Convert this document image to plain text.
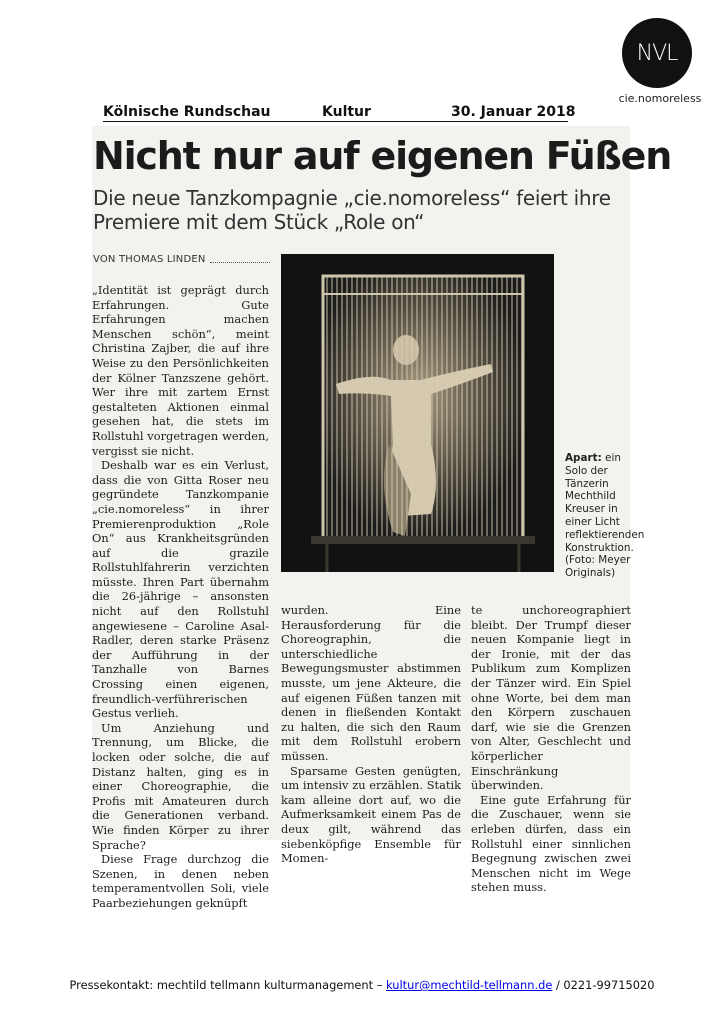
NVL
cie.nomoreless
Kölnische Rundschau	Kultur	30. Januar 2018
Nicht nur auf eigenen Füßen
Die neue Tanzkompagnie „cie.nomoreless“ feiert ihre Premiere mit dem Stück „Role on“
VON THOMAS LINDEN

„Identität ist geprägt durch Erfahrungen. Gute Erfahrungen machen Menschen schön“, meint Christina Zajber, die auf ihre Weise zu den Persönlichkeiten der Kölner Tanzszene gehört. Wer ihre mit zartem Ernst gestalteten Aktionen einmal gesehen hat, die stets im Rollstuhl vorgetragen werden, vergisst sie nicht.

Deshalb war es ein Verlust, dass die von Gitta Roser neu gegründete Tanzkompanie „cie.nomoreless“ in ihrer Premierenproduktion „Role On“ aus Krankheitsgründen auf die grazile Rollstuhlfahrerin verzichten müsste. Ihren Part übernahm die 26-jährige – ansonsten nicht auf den Rollstuhl angewiesene – Caroline Asal-Radler, deren starke Präsenz der Aufführung in der Tanzhalle von Barnes Crossing einen eigenen, freundlich-verführerischen Gestus verlieh.

Um Anziehung und Trennung, um Blicke, die locken oder solche, die auf Distanz halten, ging es in einer Choreographie, die Profis mit Amateuren durch die Generationen verband. Wie finden Körper zu ihrer Sprache?

Diese Frage durchzog die Szenen, in denen neben temperamentvollen Soli, viele Paarbeziehungen geknüpft

Apart: ein Solo der Tänzerin Mechthild Kreuser in einer Licht reflektierenden Konstruktion. (Foto: Meyer Originals)

wurden. Eine Herausforderung für die Choreographin, die unterschiedliche Bewegungsmuster abstimmen musste, um jene Akteure, die auf eigenen Füßen tanzen mit denen in fließenden Kontakt zu halten, die sich den Raum mit dem Rollstuhl erobern müssen.

Sparsame Gesten genügten, um intensiv zu erzählen. Statik kam alleine dort auf, wo die Aufmerksamkeit einem Pas de deux gilt, während das siebenköpfige Ensemble für Momen-

te unchoreographiert bleibt. Der Trumpf dieser neuen Kompanie liegt in der Ironie, mit der das Publikum zum Komplizen der Tänzer wird. Ein Spiel ohne Worte, bei dem man den Körpern zuschauen darf, wie sie die Grenzen von Alter, Geschlecht und körperlicher Einschränkung überwinden.

Eine gute Erfahrung für die Zuschauer, wenn sie erleben dürfen, dass ein Rollstuhl einer sinnlichen Begegnung zwischen zwei Menschen nicht im Wege stehen muss.

Pressekontakt: mechtild tellmann kulturmanagement – kultur@mechtild-tellmann.de / 0221-99715020
